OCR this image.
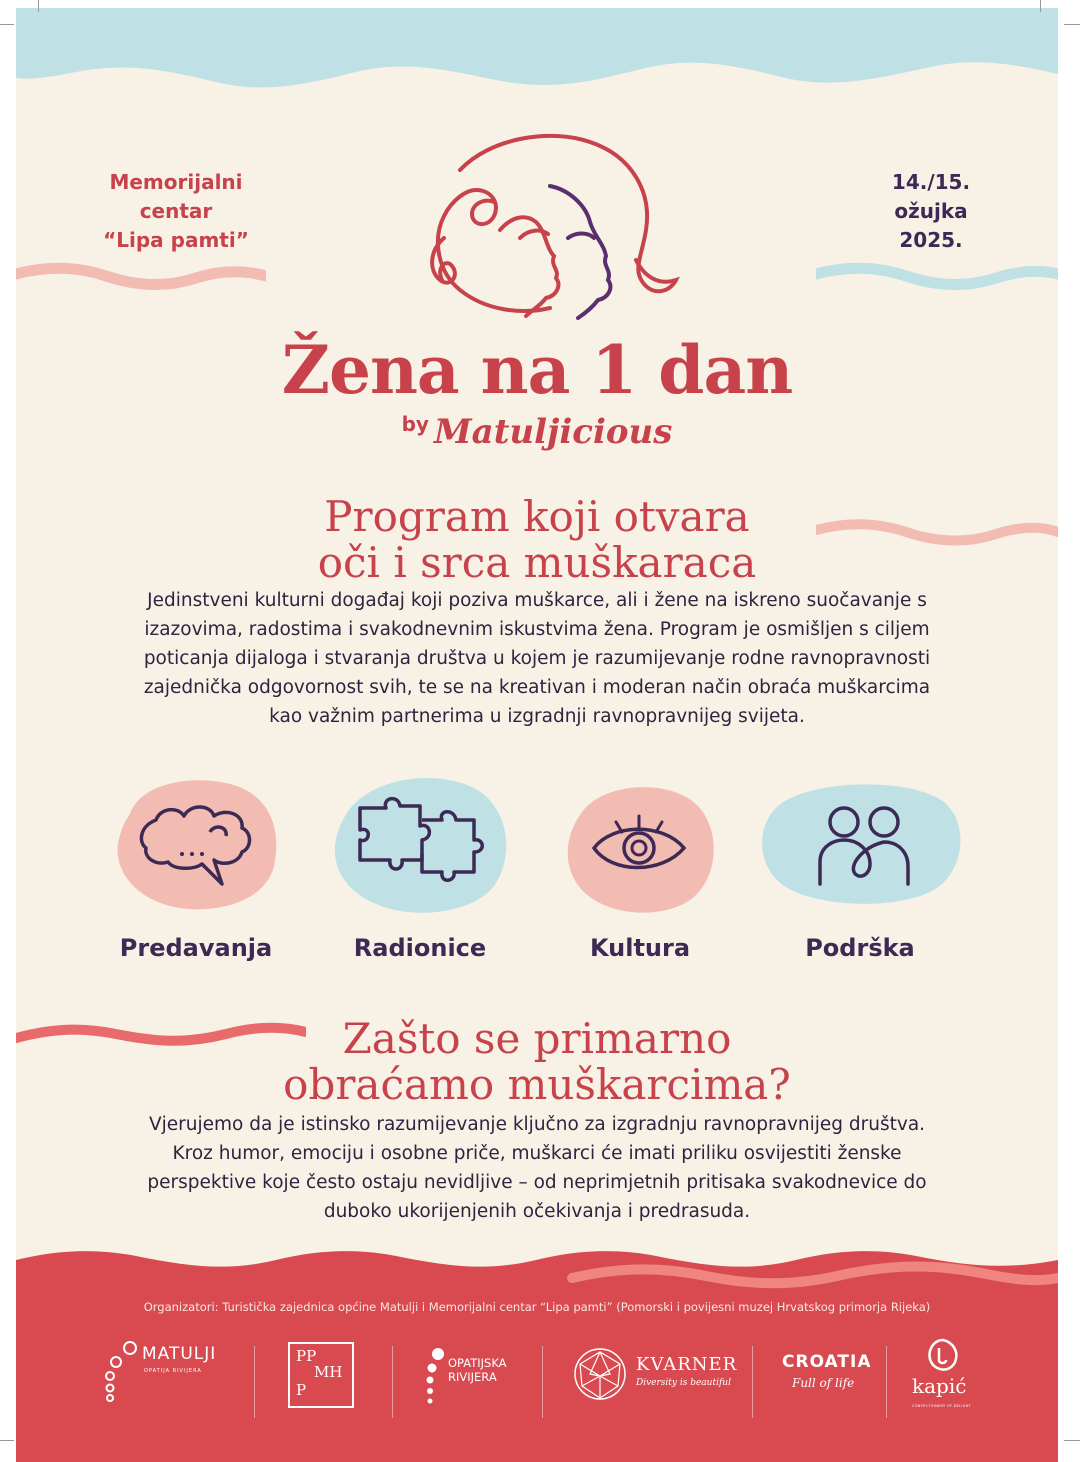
Memorijalni
centar
“Lipa pamti”
14./15.
ožujka
2025.
Žena na 1 dan
by Matuljicious
Program koji otvara
oči i srca muškaraca
Jedinstveni kulturni događaj koji poziva muškarce, ali i žene na iskreno suočavanje s
izazovima, radostima i svakodnevnim iskustvima žena. Program je osmišljen s ciljem
poticanja dijaloga i stvaranja društva u kojem je razumijevanje rodne ravnopravnosti
zajednička odgovornost svih, te se na kreativan i moderan način obraća muškarcima
kao važnim partnerima u izgradnji ravnopravnijeg svijeta.
Predavanja	Radionice	Kultura	Podrška
Zašto se primarno
obraćamo muškarcima?
Vjerujemo da je istinsko razumijevanje ključno za izgradnju ravnopravnijeg društva.
Kroz humor, emociju i osobne priče, muškarci će imati priliku osvijestiti ženske
perspektive koje često ostaju nevidljive – od neprimjetnih pritisaka svakodnevice do
duboko ukorijenjenih očekivanja i predrasuda.
Organizatori: Turistička zajednica općine Matulji i Memorijalni centar “Lipa pamti” (Pomorski i povijesni muzej Hrvatskog primorja Rijeka)
MATULJI
OPATIJA RIVIJERA
PP
MH
P
OPATIJSKA
RIVIJERA
KVARNER
Diversity is beautiful
CROATIA
Full of life	kapić
CONFECTIONERY OF DELIGHT
